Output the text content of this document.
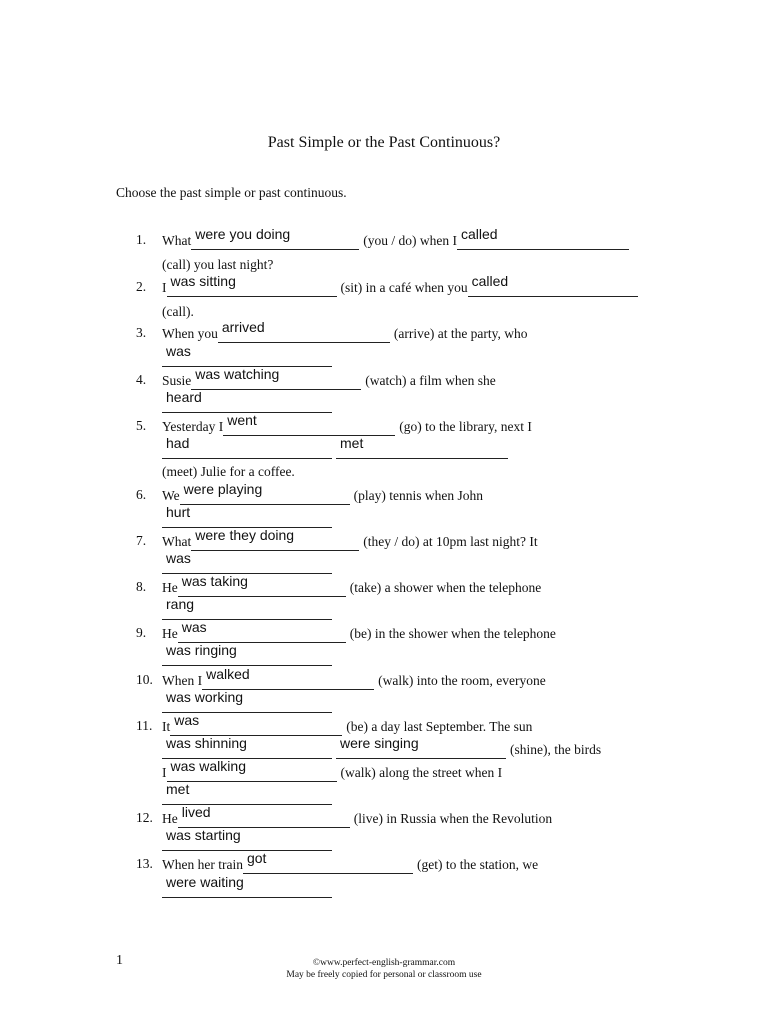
Past Simple or the Past Continuous?
Choose the past simple or past continuous.
1.
2.
3.
4.
5.
6.
7.
8.
9.
10.
11.
12.
13.
What were you doing	(you / do) when I called
(call) you last night?
I was sitting	(sit) in a café when you called
(call).
When you arrived	(arrive) at the party, who
was
Susie was watching	(watch) a film when she
heard
Yesterday I went	(go) to the library, next I
had	met
(meet) Julie for a coffee.
We were playing	(play) tennis when John
hurt
What were they doing	(they / do) at 10pm last night? It
was
He was taking	(take) a shower when the telephone
rang
He was	(be) in the shower when the telephone
was ringing
When I walked	(walk) into the room, everyone
was working
It was	(be) a day last September. The sun
was shinning	were singing	(shine), the birds
I was walking	(walk) along the street when I
met
He lived	(live) in Russia when the Revolution
was starting
When her train got	(get) to the station, we
were waiting
1	©www.perfect-english-grammar.com
May be freely copied for personal or classroom use
